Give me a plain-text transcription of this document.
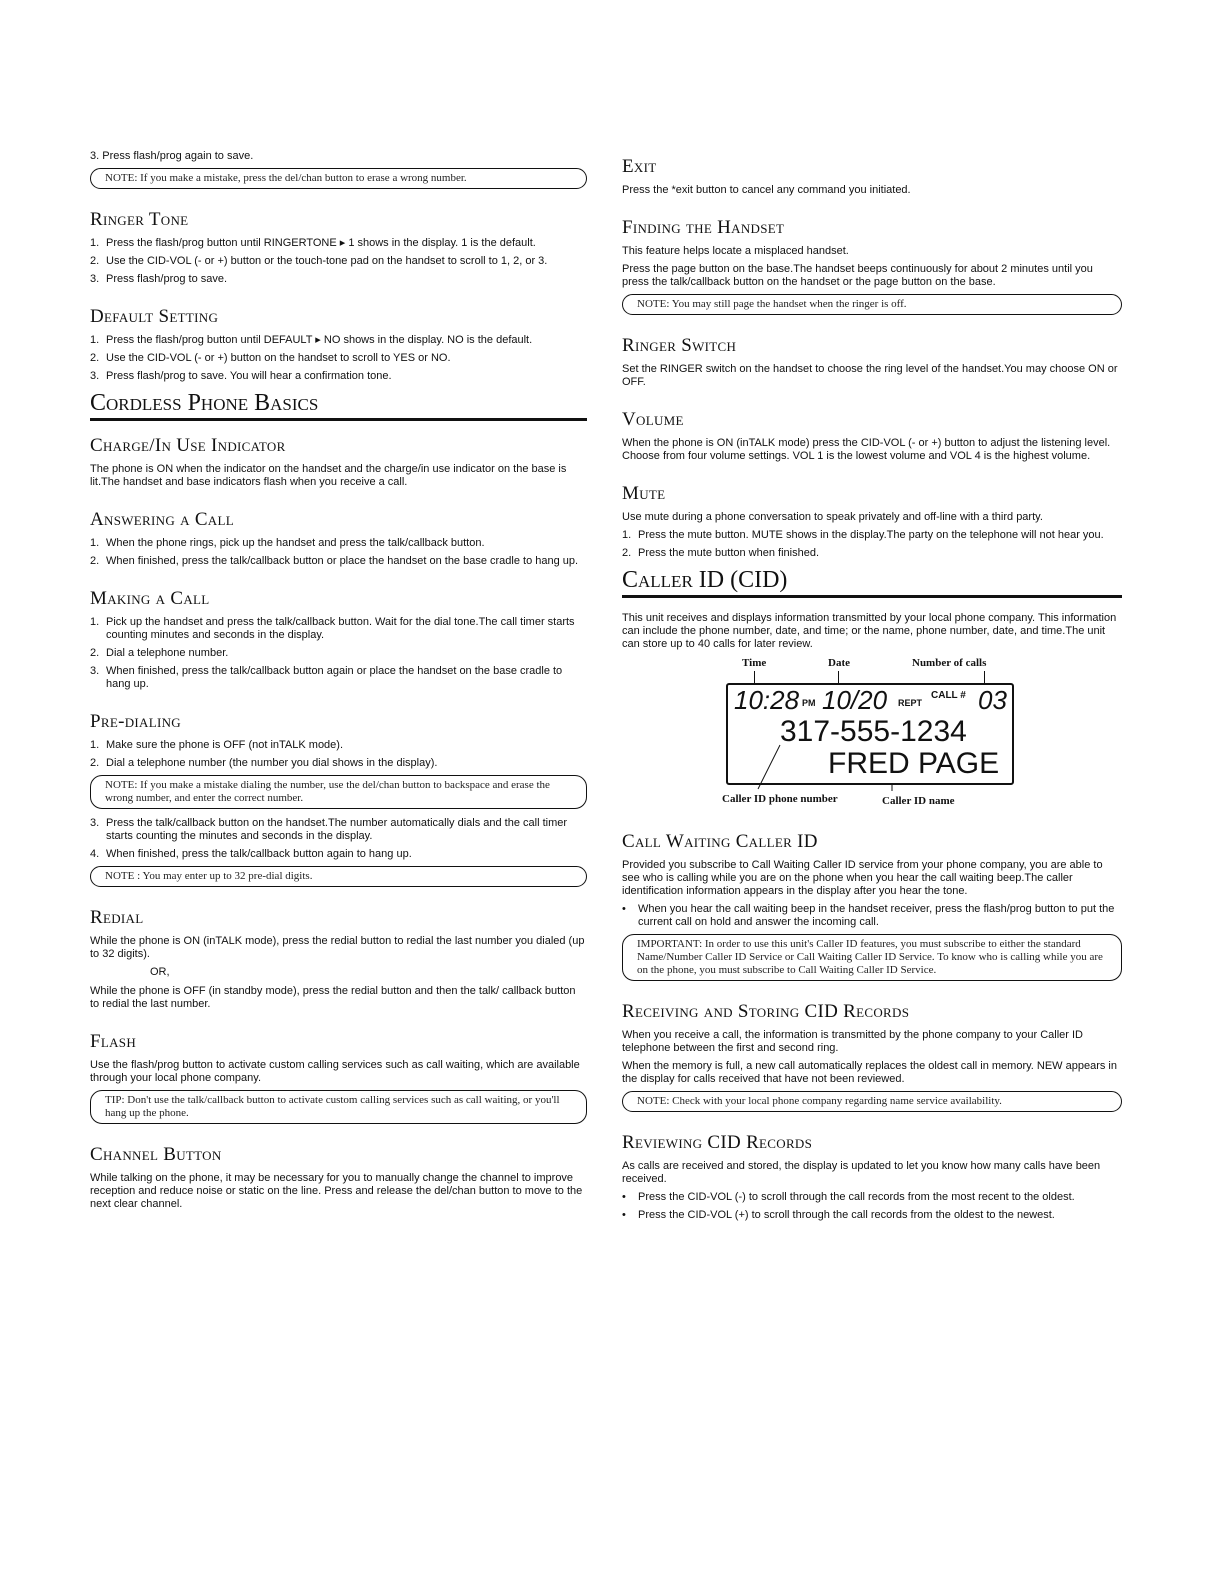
3. Press flash/prog again to save.

NOTE: If you make a mistake, press the del/chan button to erase a wrong number.
Ringer Tone
1. Press the flash/prog button until RINGERTONE ▸ 1 shows in the display. 1 is the default.
2. Use the CID-VOL (- or +) button or the touch-tone pad on the handset to scroll to 1, 2, or 3.
3. Press flash/prog to save.
Default Setting
1. Press the flash/prog button until DEFAULT ▸ NO shows in the display. NO is the default.
2. Use the CID-VOL (- or +) button on the handset to scroll to YES or NO.
3. Press flash/prog to save. You will hear a confirmation tone.
Cordless Phone Basics
Charge/In Use Indicator

The phone is ON when the indicator on the handset and the charge/in use indicator on the base is lit.The handset and base indicators flash when you receive a call.

Answering a Call
1. When the phone rings, pick up the handset and press the talk/callback button.
2. When finished, press the talk/callback button or place the handset on the base cradle to hang up.
Making a Call
1. Pick up the handset and press the talk/callback button. Wait for the dial tone.The call timer starts counting minutes and seconds in the display.
2. Dial a telephone number.
3. When finished, press the talk/callback button again or place the handset on the base cradle to hang up.
Pre-dialing
1. Make sure the phone is OFF (not inTALK mode).
2. Dial a telephone number (the number you dial shows in the display).
NOTE: If you make a mistake dialing the number, use the del/chan button to backspace and erase the wrong number, and enter the correct number.
3. Press the talk/callback button on the handset.The number automatically dials and the call timer starts counting the minutes and seconds in the display.
4. When finished, press the talk/callback button again to hang up.
NOTE : You may enter up to 32 pre-dial digits.
Redial

While the phone is ON (inTALK mode), press the redial button to redial the last number you dialed (up to 32 digits).

OR,

While the phone is OFF (in standby mode), press the redial button and then the talk/ callback button to redial the last number.

Flash

Use the flash/prog button to activate custom calling services such as call waiting, which are available through your local phone company.

TIP: Don't use the talk/callback button to activate custom calling services such as call waiting, or you'll hang up the phone.
Channel Button

While talking on the phone, it may be necessary for you to manually change the channel to improve reception and reduce noise or static on the line. Press and release the del/chan button to move to the next clear channel.

Exit

Press the *exit button to cancel any command you initiated.

Finding the Handset

This feature helps locate a misplaced handset.

Press the page button on the base.The handset beeps continuously for about 2 minutes until you press the talk/callback button on the handset or the page button on the base.

NOTE: You may still page the handset when the ringer is off.
Ringer Switch

Set the RINGER switch on the handset to choose the ring level of the handset.You may choose ON or OFF.

Volume

When the phone is ON (inTALK mode) press the CID-VOL (- or +) button to adjust the listening level. Choose from four volume settings. VOL 1 is the lowest volume and VOL 4 is the highest volume.

Mute

Use mute during a phone conversation to speak privately and off-line with a third party.

1. Press the mute button. MUTE shows in the display.The party on the telephone will not hear you.
2. Press the mute button when finished.
Caller ID (CID)

This unit receives and displays information transmitted by your local phone company. This information can include the phone number, date, and time; or the name, phone number, date, and time.The unit can store up to 40 calls for later review.

Time	Date	Number of calls
10:28 PM 10/20 REPT
CALL # 03
317-555-1234
FRED PAGE
Caller ID phone number	Caller ID name
Call Waiting Caller ID

Provided you subscribe to Call Waiting Caller ID service from your phone company, you are able to see who is calling while you are on the phone when you hear the call waiting beep.The caller identification information appears in the display after you hear the tone.

• When you hear the call waiting beep in the handset receiver, press the flash/prog button to put the current call on hold and answer the incoming call.
IMPORTANT: In order to use this unit's Caller ID features, you must subscribe to either the standard Name/Number Caller ID Service or Call Waiting Caller ID Service. To know who is calling while you are on the phone, you must subscribe to Call Waiting Caller ID Service.
Receiving and Storing CID Records

When you receive a call, the information is transmitted by the phone company to your Caller ID telephone between the first and second ring.

When the memory is full, a new call automatically replaces the oldest call in memory. NEW appears in the display for calls received that have not been reviewed.

NOTE: Check with your local phone company regarding name service availability.
Reviewing CID Records

As calls are received and stored, the display is updated to let you know how many calls have been received.

• Press the CID-VOL (-) to scroll through the call records from the most recent to the oldest.
• Press the CID-VOL (+) to scroll through the call records from the oldest to the newest.
